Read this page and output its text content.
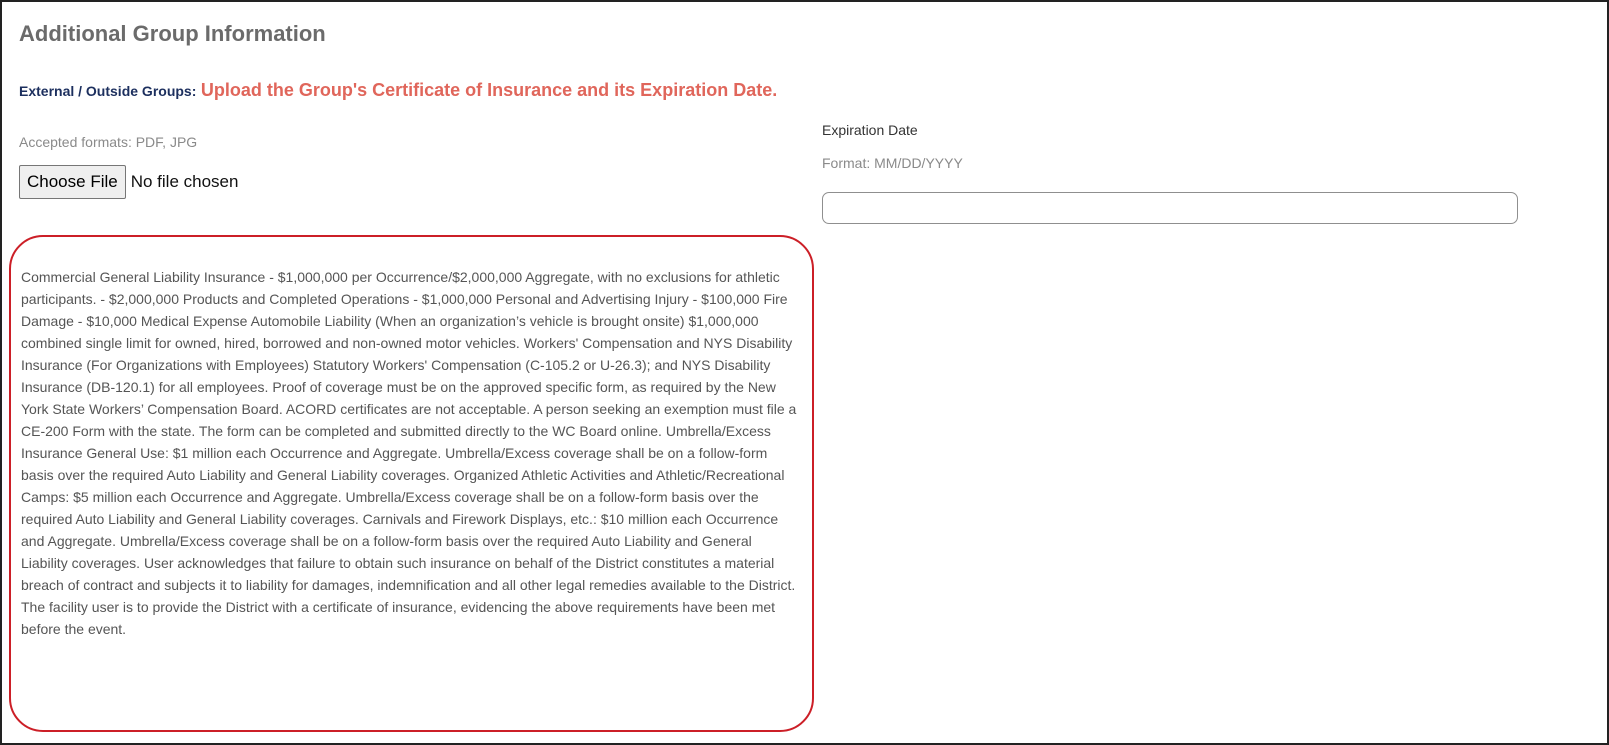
Additional Group Information
External / Outside Groups: Upload the Group's Certificate of Insurance and its Expiration Date.
Accepted formats: PDF, JPG
Choose File No file chosen
Expiration Date
Format: MM/DD/YYYY

Commercial General Liability Insurance - $1,000,000 per Occurrence/$2,000,000 Aggregate, with no exclusions for athletic participants. - $2,000,000 Products and Completed Operations - $1,000,000 Personal and Advertising Injury - $100,000 Fire Damage - $10,000 Medical Expense Automobile Liability (When an organization’s vehicle is brought onsite) $1,000,000 combined single limit for owned, hired, borrowed and non-owned motor vehicles. Workers' Compensation and NYS Disability Insurance (For Organizations with Employees) Statutory Workers' Compensation (C-105.2 or U-26.3); and NYS Disability Insurance (DB-120.1) for all employees. Proof of coverage must be on the approved specific form, as required by the New York State Workers’ Compensation Board. ACORD certificates are not acceptable. A person seeking an exemption must file a CE-200 Form with the state. The form can be completed and submitted directly to the WC Board online. Umbrella/Excess Insurance General Use: $1 million each Occurrence and Aggregate. Umbrella/Excess coverage shall be on a follow-form basis over the required Auto Liability and General Liability coverages. Organized Athletic Activities and Athletic/Recreational Camps: $5 million each Occurrence and Aggregate. Umbrella/Excess coverage shall be on a follow-form basis over the required Auto Liability and General Liability coverages. Carnivals and Firework Displays, etc.: $10 million each Occurrence and Aggregate. Umbrella/Excess coverage shall be on a follow-form basis over the required Auto Liability and General Liability coverages. User acknowledges that failure to obtain such insurance on behalf of the District constitutes a material breach of contract and subjects it to liability for damages, indemnification and all other legal remedies available to the District. The facility user is to provide the District with a certificate of insurance, evidencing the above requirements have been met before the event.
